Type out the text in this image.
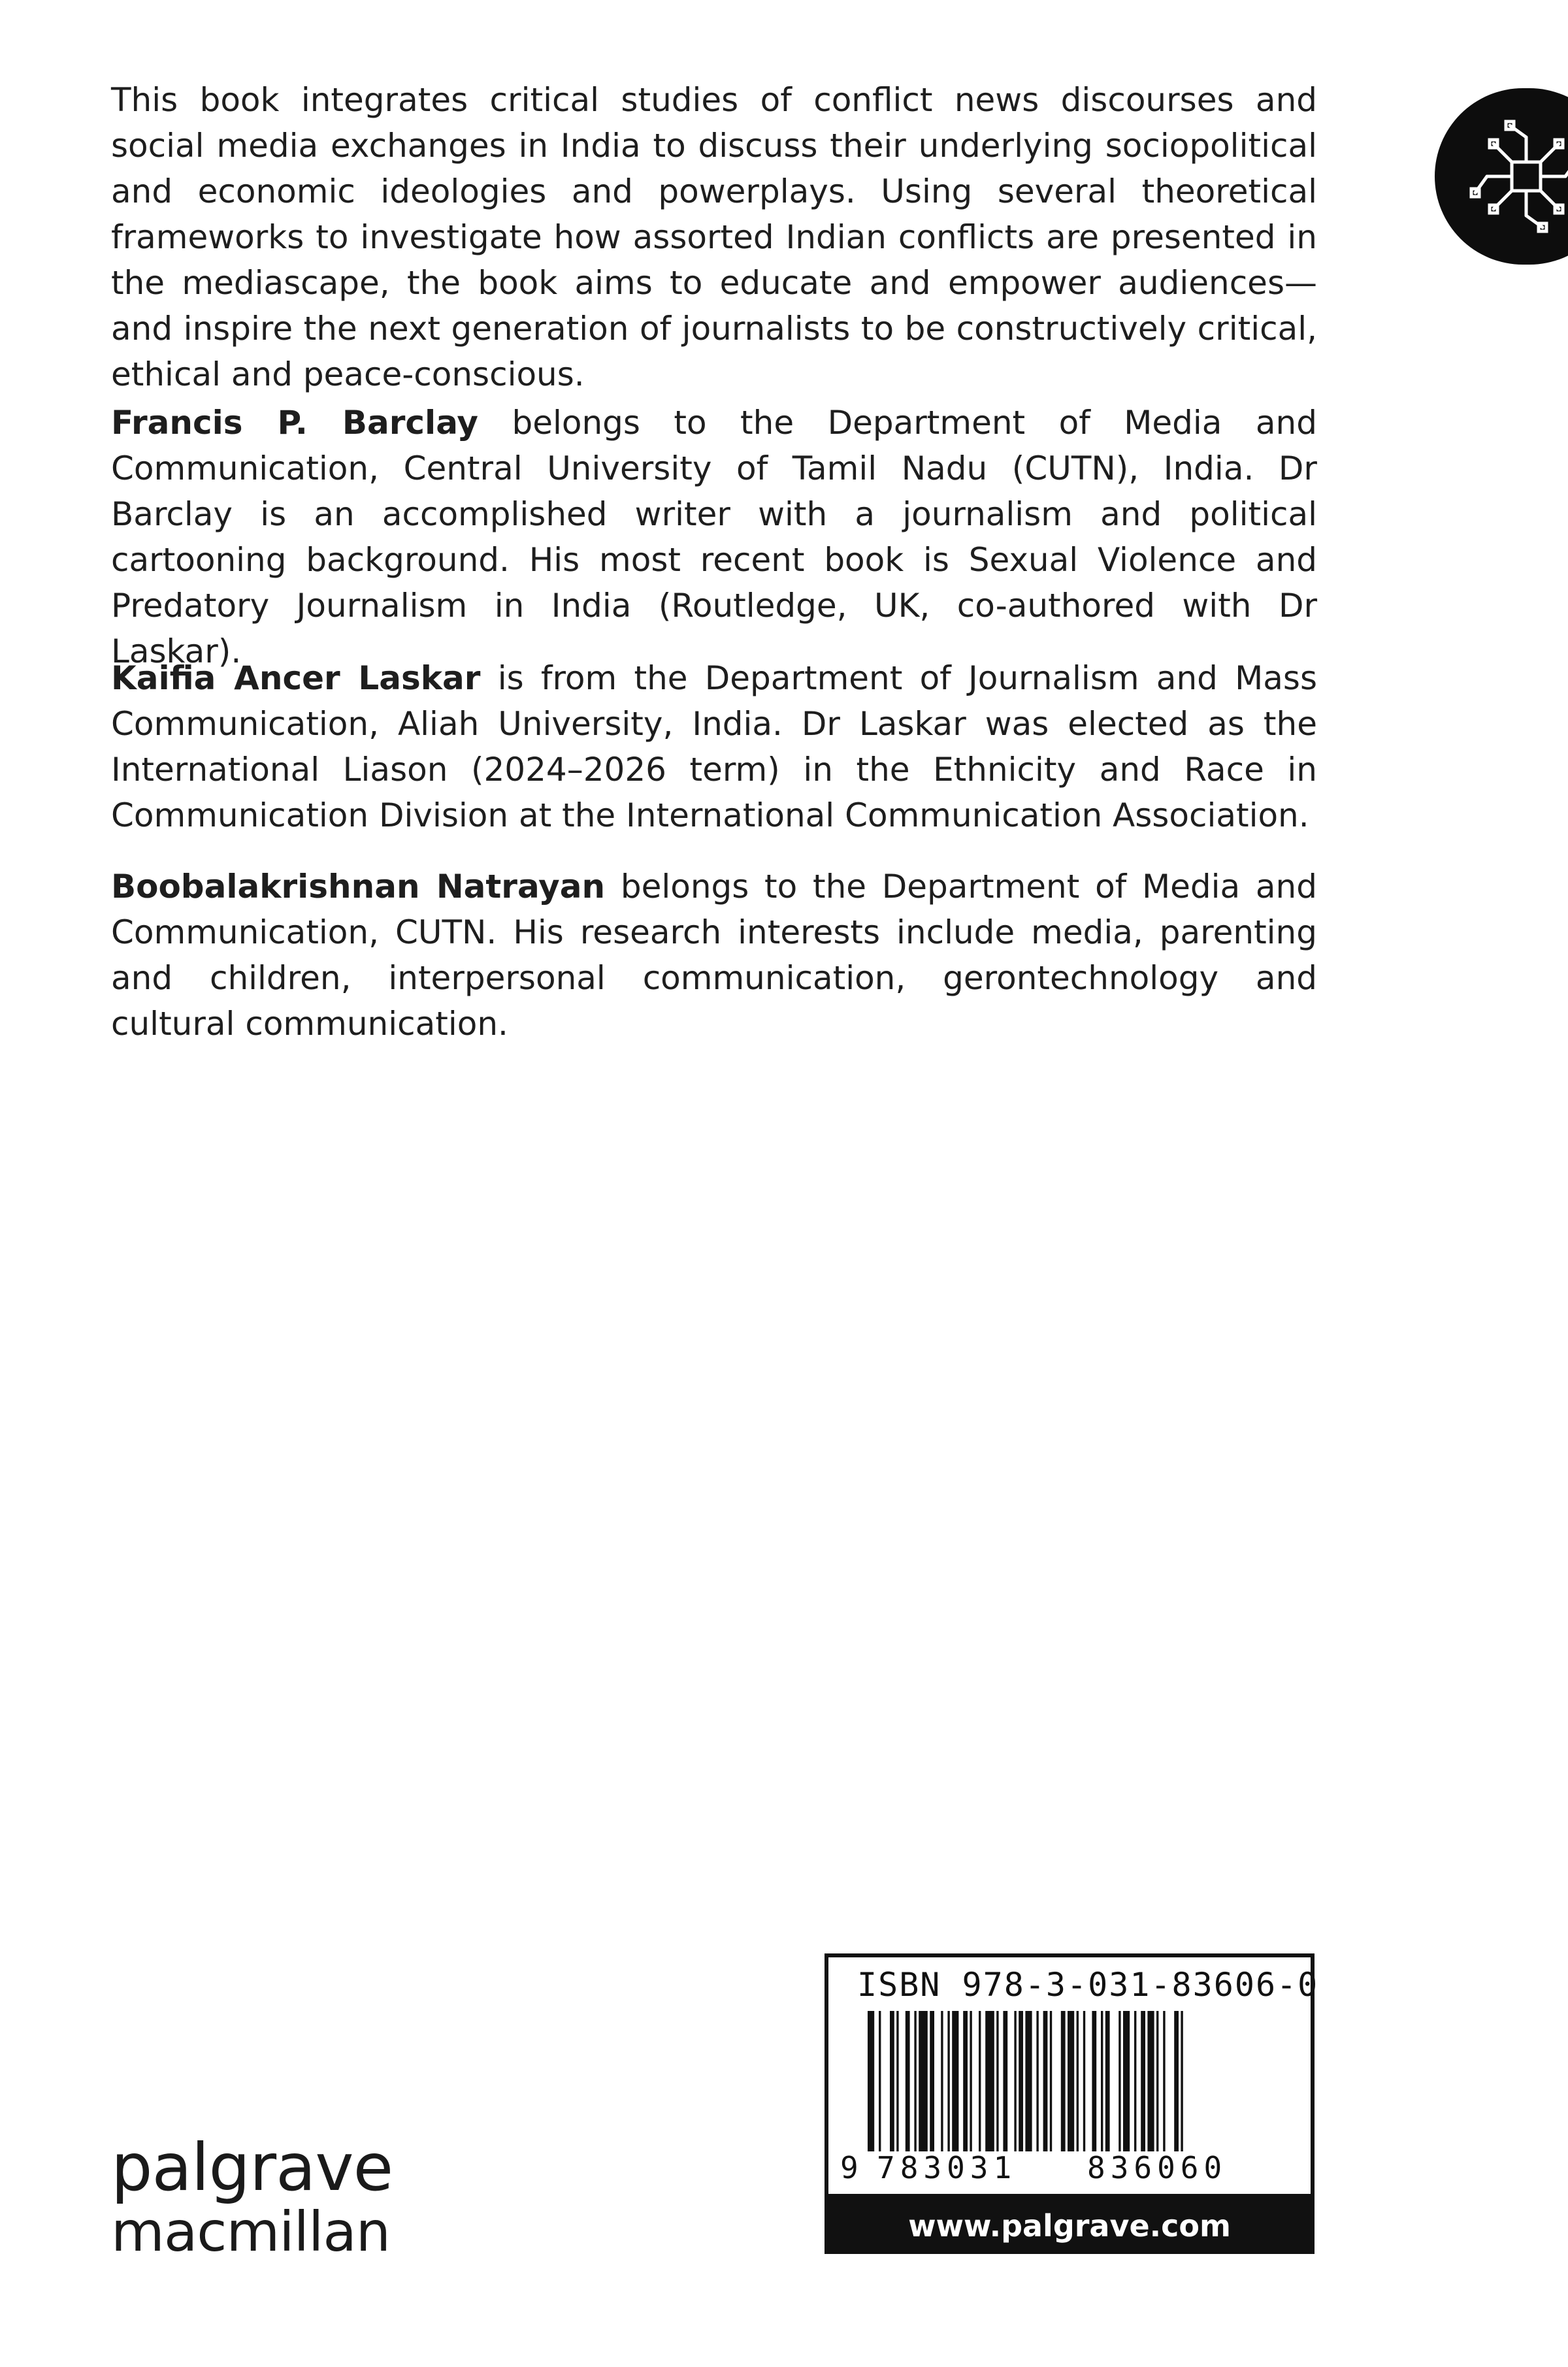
This book integrates critical studies of conflict news discourses and social media exchanges in India to discuss their underlying sociopolitical and economic ideologies and powerplays. Using several theoretical frameworks to investigate how assorted Indian conflicts are presented in the mediascape, the book aims to educate and empower audiences—and inspire the next generation of journalists to be constructively critical, ethical and peace-conscious.

Francis P. Barclay belongs to the Department of Media and Communication, Central University of Tamil Nadu (CUTN), India. Dr Barclay is an accomplished writer with a journalism and political cartooning background. His most recent book is Sexual Violence and Predatory Journalism in India (Routledge, UK, co-authored with Dr Laskar).

Kaifia Ancer Laskar is from the Department of Journalism and Mass Communication, Aliah University, India. Dr Laskar was elected as the International Liason (2024–2026 term) in the Ethnicity and Race in Communication Division at the International Communication Association.

Boobalakrishnan Natrayan belongs to the Department of Media and Communication, CUTN. His research interests include media, parenting and children, interpersonal communication, gerontechnology and cultural communication.

palgrave
macmillan
ISBN 978-3-031-83606-0
9 783031 836060
www.palgrave.com
